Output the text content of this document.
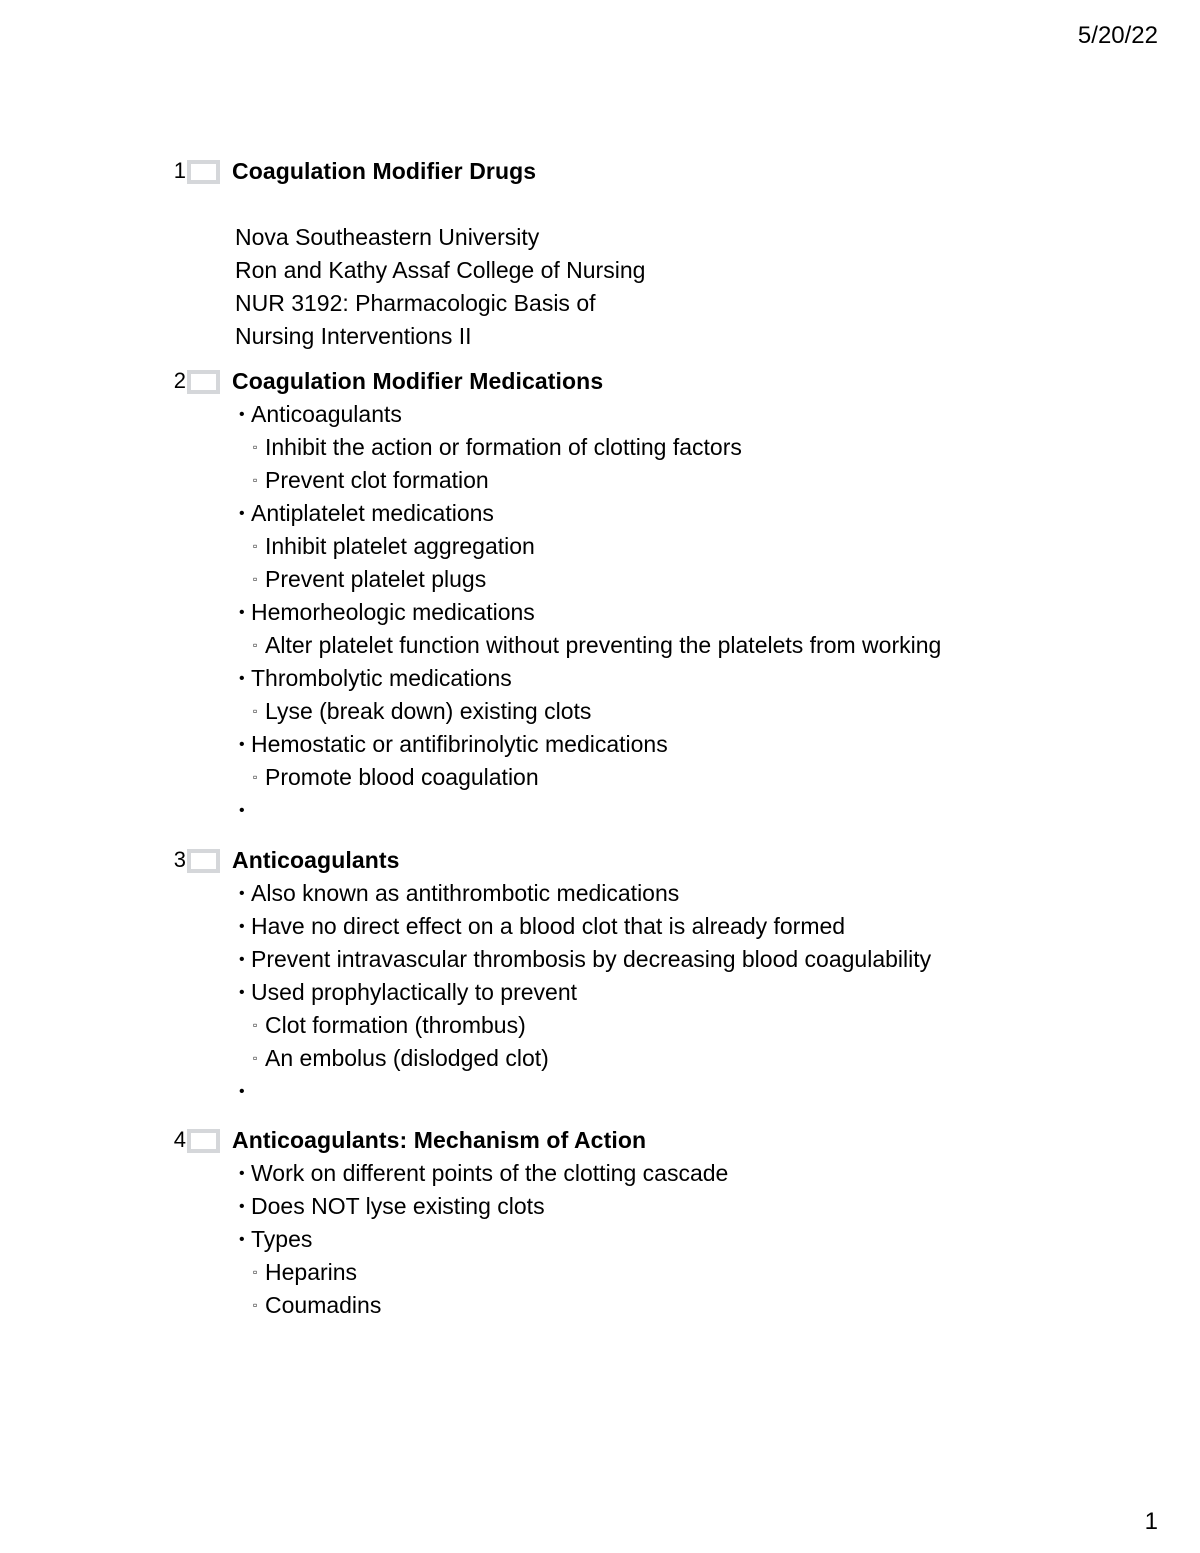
5/20/22
1 Coagulation Modifier Drugs
Nova Southeastern University
Ron and Kathy Assaf College of Nursing
NUR 3192: Pharmacologic Basis of
Nursing Interventions II
2 Coagulation Modifier Medications
• Anticoagulants
▫ Inhibit the action or formation of clotting factors
▫ Prevent clot formation
• Antiplatelet medications
▫ Inhibit platelet aggregation
▫ Prevent platelet plugs
• Hemorheologic medications
▫ Alter platelet function without preventing the platelets from working
• Thrombolytic medications
▫ Lyse (break down) existing clots
• Hemostatic or antifibrinolytic medications
▫ Promote blood coagulation
•
3 Anticoagulants
• Also known as antithrombotic medications
• Have no direct effect on a blood clot that is already formed
• Prevent intravascular thrombosis by decreasing blood coagulability
• Used prophylactically to prevent
▫ Clot formation (thrombus)
▫ An embolus (dislodged clot)
•
4 Anticoagulants: Mechanism of Action
• Work on different points of the clotting cascade
• Does NOT lyse existing clots
• Types
▫ Heparins
▫ Coumadins
1
